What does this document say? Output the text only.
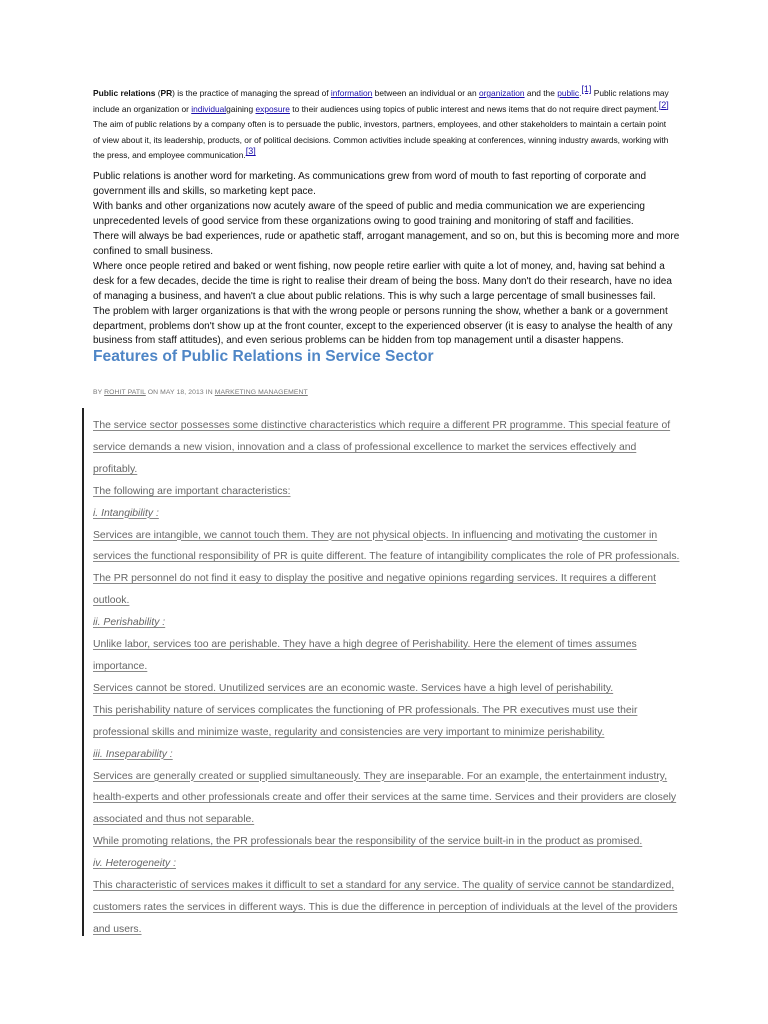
Public relations (PR) is the practice of managing the spread of information between an individual or an organization and the public.[1] Public relations may include an organization or individualgaining exposure to their audiences using topics of public interest and news items that do not require direct payment.[2] The aim of public relations by a company often is to persuade the public, investors, partners, employees, and other stakeholders to maintain a certain point of view about it, its leadership, products, or of political decisions. Common activities include speaking at conferences, winning industry awards, working with the press, and employee communication.[3]

Public relations is another word for marketing. As communications grew from word of mouth to fast reporting of corporate and government ills and skills, so marketing kept pace.

With banks and other organizations now acutely aware of the speed of public and media communication we are experiencing unprecedented levels of good service from these organizations owing to good training and monitoring of staff and facilities.

There will always be bad experiences, rude or apathetic staff, arrogant management, and so on, but this is becoming more and more confined to small business.

Where once people retired and baked or went fishing, now people retire earlier with quite a lot of money, and, having sat behind a desk for a few decades, decide the time is right to realise their dream of being the boss. Many don't do their research, have no idea of managing a business, and haven't a clue about public relations. This is why such a large percentage of small businesses fail.

The problem with larger organizations is that with the wrong people or persons running the show, whether a bank or a government department, problems don't show up at the front counter, except to the experienced observer (it is easy to analyse the health of any business from staff attitudes), and even serious problems can be hidden from top management until a disaster happens.

Features of Public Relations in Service Sector
BY ROHIT PATIL ON MAY 18, 2013 IN MARKETING MANAGEMENT

The service sector possesses some distinctive characteristics which require a different PR programme. This special feature of service demands a new vision, innovation and a class of professional excellence to market the services effectively and profitably.

The following are important characteristics:

i. Intangibility :

Services are intangible, we cannot touch them. They are not physical objects. In influencing and motivating the customer in services the functional responsibility of PR is quite different. The feature of intangibility complicates the role of PR professionals. The PR personnel do not find it easy to display the positive and negative opinions regarding services. It requires a different outlook.

ii. Perishability :

Unlike labor, services too are perishable. They have a high degree of Perishability. Here the element of times assumes importance.

Services cannot be stored. Unutilized services are an economic waste. Services have a high level of perishability.

This perishability nature of services complicates the functioning of PR professionals. The PR executives must use their professional skills and minimize waste, regularity and consistencies are very important to minimize perishability.

iii. Inseparability :

Services are generally created or supplied simultaneously. They are inseparable. For an example, the entertainment industry, health-experts and other professionals create and offer their services at the same time. Services and their providers are closely associated and thus not separable.

While promoting relations, the PR professionals bear the responsibility of the service built-in in the product as promised.

iv. Heterogeneity :

This characteristic of services makes it difficult to set a standard for any service. The quality of service cannot be standardized, customers rates the services in different ways. This is due the difference in perception of individuals at the level of the providers and users.
